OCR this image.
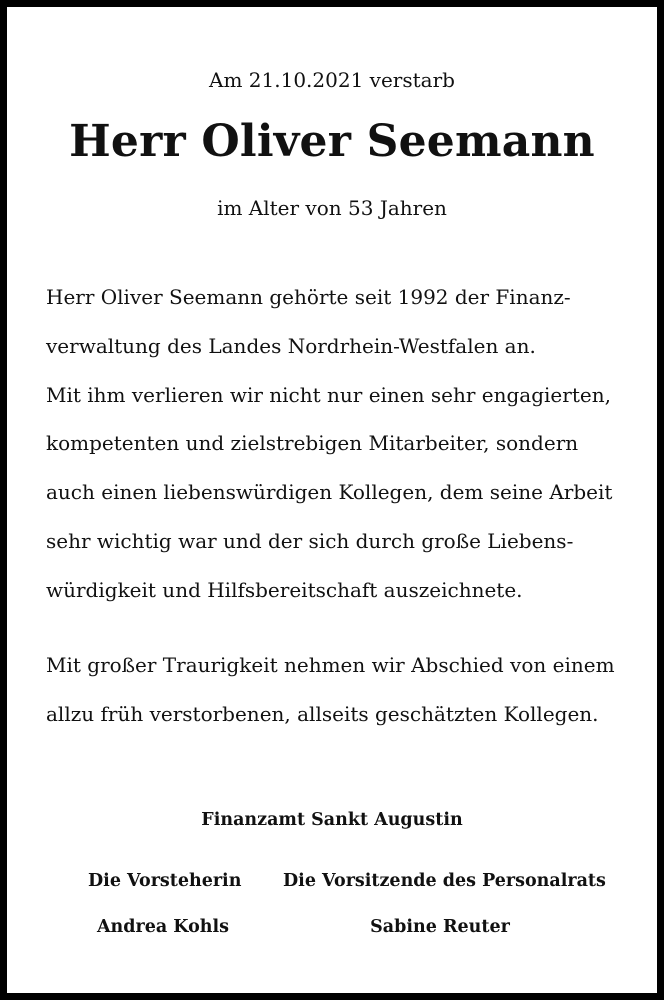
Am 21.10.2021 verstarb
Herr Oliver Seemann
im Alter von 53 Jahren
Herr Oliver Seemann gehörte seit 1992 der Finanz-
verwaltung des Landes Nordrhein-Westfalen an.
Mit ihm verlieren wir nicht nur einen sehr engagierten,
kompetenten und zielstrebigen Mitarbeiter, sondern
auch einen liebenswürdigen Kollegen, dem seine Arbeit
sehr wichtig war und der sich durch große Liebens-
würdigkeit und Hilfsbereitschaft auszeichnete.
Mit großer Traurigkeit nehmen wir Abschied von einem
allzu früh verstorbenen, allseits geschätzten Kollegen.
Finanzamt Sankt Augustin
Die Vorsteherin Die Vorsitzende des Personalrats
Andrea Kohls	Sabine Reuter
